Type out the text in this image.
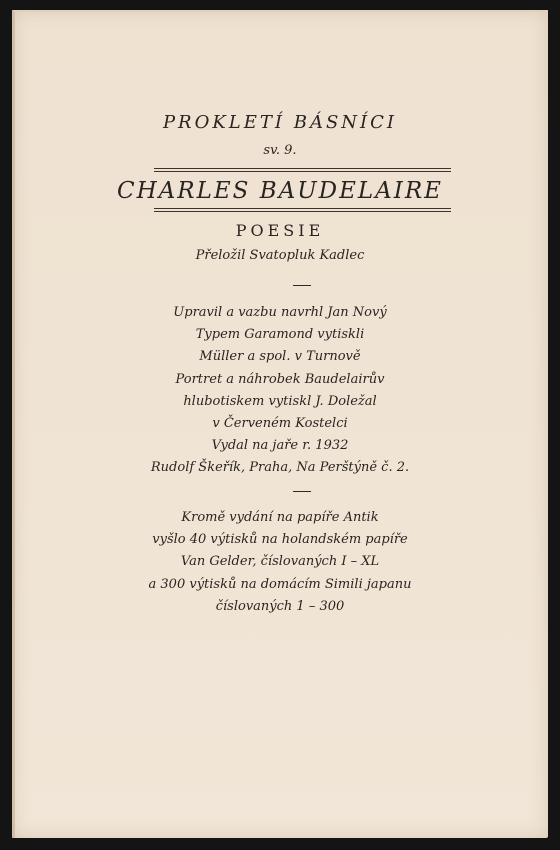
PROKLETÍ BÁSNÍCI
sv. 9.
CHARLES BAUDELAIRE
POESIE
Přeložil Svatopluk Kadlec
Upravil a vazbu navrhl Jan Nový
Typem Garamond vytiskli
Müller a spol. v Turnově
Portret a náhrobek Baudelairův
hlubotiskem vytiskl J. Doležal
v Červeném Kostelci
Vydal na jaře r. 1932
Rudolf Škeřík, Praha, Na Perštýně č. 2.
Kromě vydání na papíře Antik
vyšlo 40 výtisků na holandském papíře
Van Gelder, číslovaných I – XL
a 300 výtisků na domácím Simili japanu
číslovaných 1 – 300
